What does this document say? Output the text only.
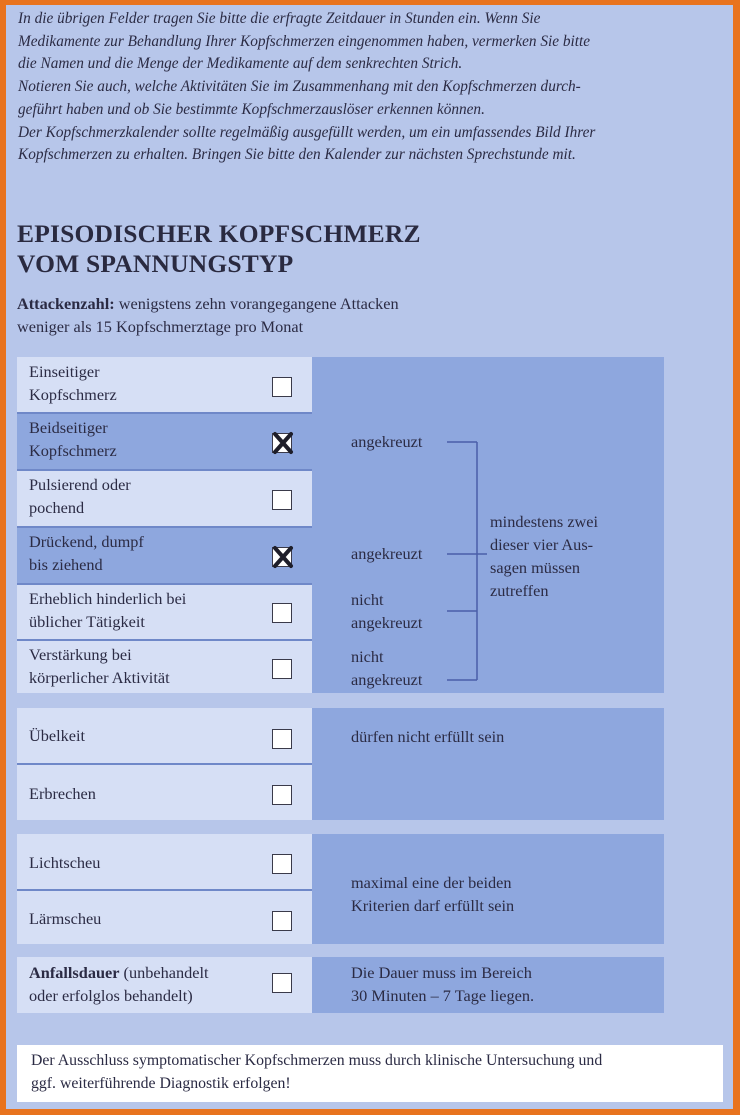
In die übrigen Felder tragen Sie bitte die erfragte Zeitdauer in Stunden ein. Wenn Sie

Medikamente zur Behandlung Ihrer Kopfschmerzen eingenommen haben, vermerken Sie bitte

die Namen und die Menge der Medikamente auf dem senkrechten Strich.

Notieren Sie auch, welche Aktivitäten Sie im Zusammenhang mit den Kopfschmerzen durch-

geführt haben und ob Sie bestimmte Kopfschmerzauslöser erkennen können.

Der Kopfschmerzkalender sollte regelmäßig ausgefüllt werden, um ein umfassendes Bild Ihrer

Kopfschmerzen zu erhalten. Bringen Sie bitte den Kalender zur nächsten Sprechstunde mit.

EPISODISCHER KOPFSCHMERZ
VOM SPANNUNGSTYP
Attackenzahl: wenigstens zehn vorangegangene Attacken
weniger als 15 Kopfschmerztage pro Monat
Einseitiger
Kopfschmerz
Beidseitiger
Kopfschmerz
Pulsierend oder
pochend
Drückend, dumpf
bis ziehend
Erheblich hinderlich bei
üblicher Tätigkeit
Verstärkung bei
körperlicher Aktivität
angekreuzt
angekreuzt
nicht
angekreuzt
nicht
angekreuzt
mindestens zwei
dieser vier Aus-
sagen müssen
zutreffen
Übelkeit
Erbrechen
dürfen nicht erfüllt sein
Lichtscheu
Lärmscheu
maximal eine der beiden
Kriterien darf erfüllt sein
Anfallsdauer (unbehandelt
oder erfolglos behandelt)
Die Dauer muss im Bereich
30 Minuten – 7 Tage liegen.
Der Ausschluss symptomatischer Kopfschmerzen muss durch klinische Untersuchung und
ggf. weiterführende Diagnostik erfolgen!
